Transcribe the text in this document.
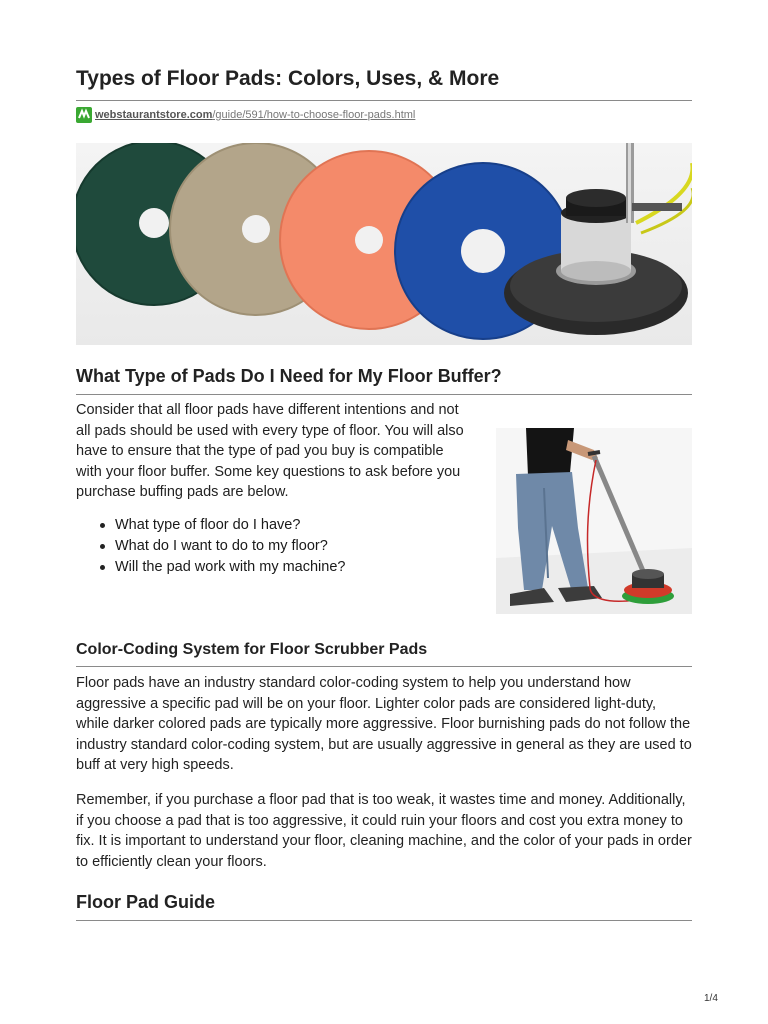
Types of Floor Pads: Colors, Uses, & More
webstaurantstore.com /guide/591/how-to-choose-floor-pads.html
What Type of Pads Do I Need for My Floor Buffer?

Consider that all floor pads have different intentions and not all pads should be used with every type of floor. You will also have to ensure that the type of pad you buy is compatible with your floor buffer. Some key questions to ask before you purchase buffing pads are below.

What type of floor do I have?
What do I want to do to my floor?
Will the pad work with my machine?
Color-Coding System for Floor Scrubber Pads

Floor pads have an industry standard color-coding system to help you understand how aggressive a specific pad will be on your floor. Lighter color pads are considered light-duty, while darker colored pads are typically more aggressive. Floor burnishing pads do not follow the industry standard color-coding system, but are usually aggressive in general as they are used to buff at very high speeds.

Remember, if you purchase a floor pad that is too weak, it wastes time and money. Additionally, if you choose a pad that is too aggressive, it could ruin your floors and cost you extra money to fix. It is important to understand your floor, cleaning machine, and the color of your pads in order to efficiently clean your floors.

Floor Pad Guide
1/4
